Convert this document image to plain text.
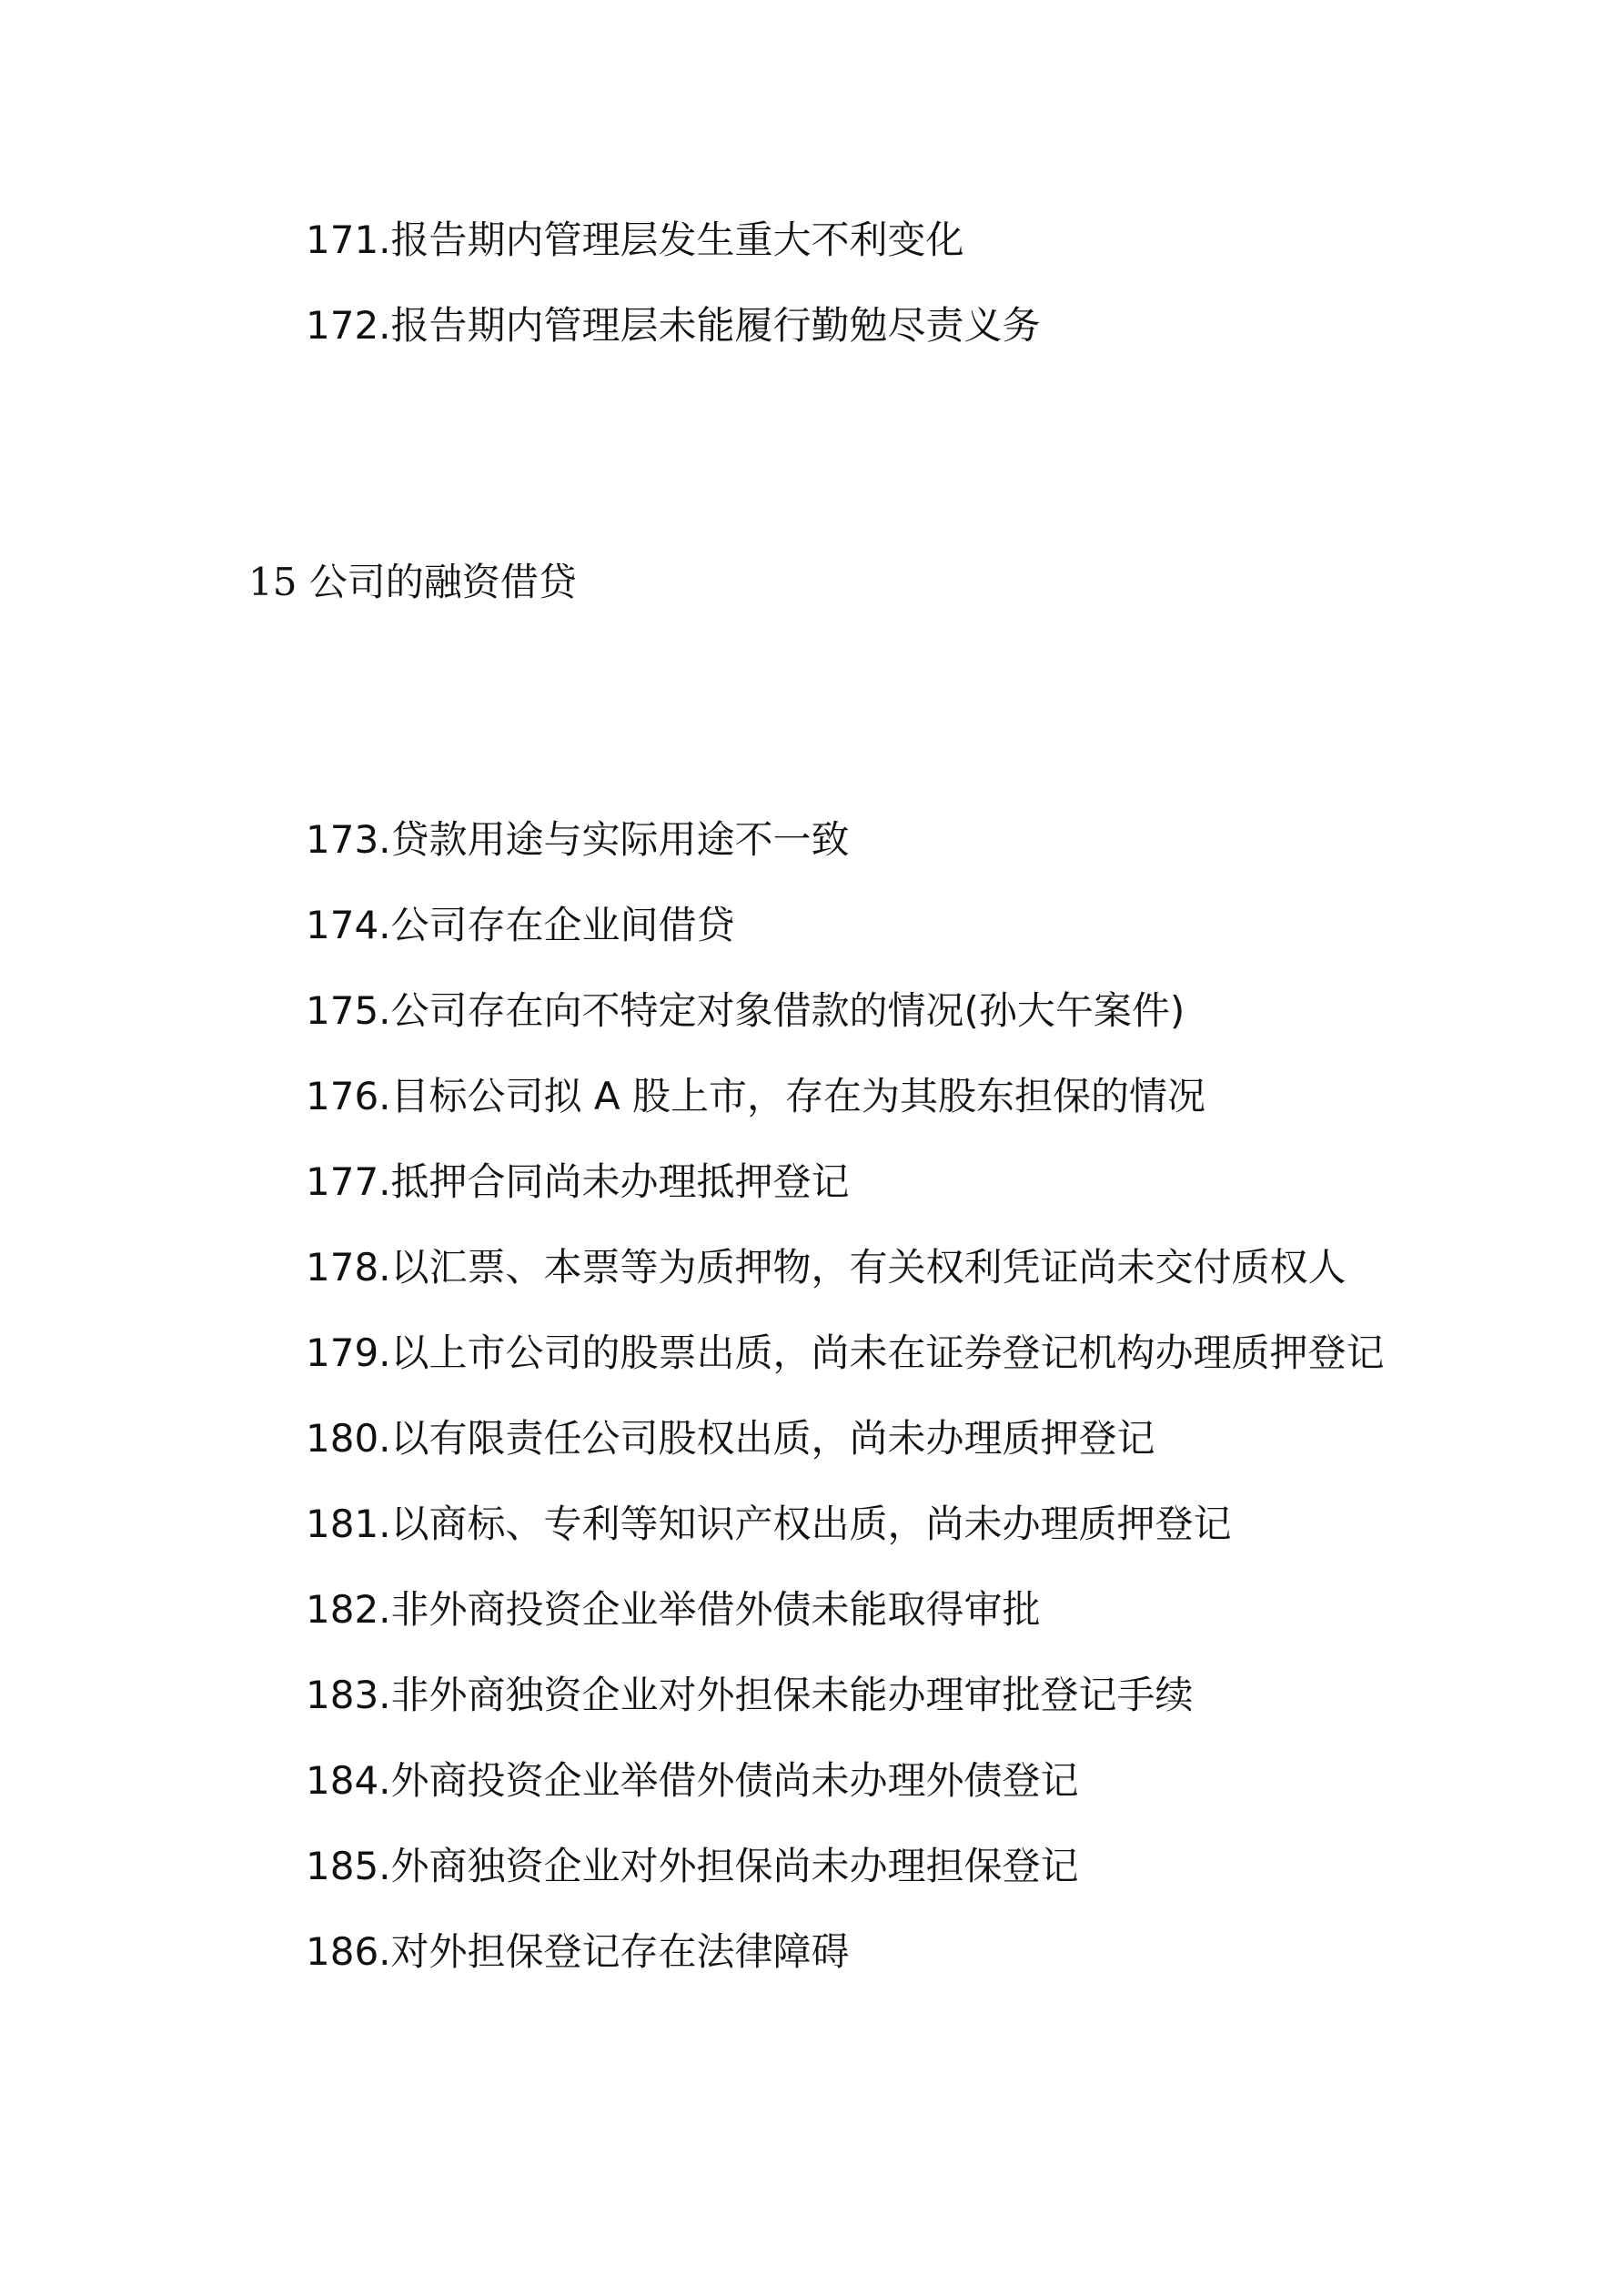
171.报告期内管理层发生重大不利变化
172.报告期内管理层未能履行勤勉尽责义务
15 公司的融资借贷
173.贷款用途与实际用途不一致
174.公司存在企业间借贷
175.公司存在向不特定对象借款的情况(孙大午案件)
176.目标公司拟 A 股上市，存在为其股东担保的情况
177.抵押合同尚未办理抵押登记
178.以汇票、本票等为质押物，有关权利凭证尚未交付质权人
179.以上市公司的股票出质，尚未在证券登记机构办理质押登记
180.以有限责任公司股权出质，尚未办理质押登记
181.以商标、专利等知识产权出质，尚未办理质押登记
182.非外商投资企业举借外债未能取得审批
183.非外商独资企业对外担保未能办理审批登记手续
184.外商投资企业举借外债尚未办理外债登记
185.外商独资企业对外担保尚未办理担保登记
186.对外担保登记存在法律障碍
